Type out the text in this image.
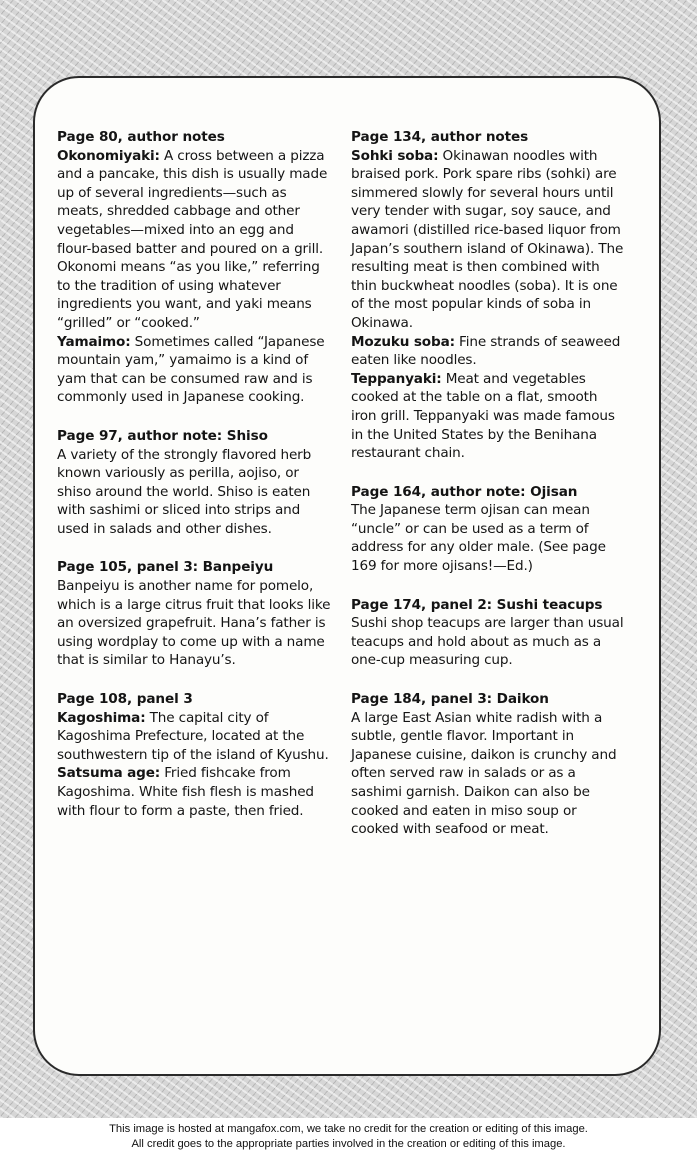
Page 80, author notes
Okonomiyaki: A cross between a pizza and a pancake, this dish is usually made up of several ingredients—such as meats, shredded cabbage and other vegetables—mixed into an egg and flour-based batter and poured on a grill. Okonomi means “as you like,” referring to the tradition of using whatever ingredients you want, and yaki means “grilled” or “cooked.”
Yamaimo: Sometimes called “Japanese mountain yam,” yamaimo is a kind of yam that can be consumed raw and is commonly used in Japanese cooking.
Page 97, author note: Shiso
A variety of the strongly flavored herb known variously as perilla, aojiso, or shiso around the world. Shiso is eaten with sashimi or sliced into strips and used in salads and other dishes.
Page 105, panel 3: Banpeiyu
Banpeiyu is another name for pomelo, which is a large citrus fruit that looks like an oversized grapefruit. Hana’s father is using wordplay to come up with a name that is similar to Hanayu’s.
Page 108, panel 3
Kagoshima: The capital city of Kagoshima Prefecture, located at the southwestern tip of the island of Kyushu.
Satsuma age: Fried fishcake from Kagoshima. White fish flesh is mashed with flour to form a paste, then fried.
Page 134, author notes
Sohki soba: Okinawan noodles with braised pork. Pork spare ribs (sohki) are simmered slowly for several hours until very tender with sugar, soy sauce, and awamori (distilled rice-based liquor from Japan’s southern island of Okinawa). The resulting meat is then combined with thin buckwheat noodles (soba). It is one of the most popular kinds of soba in Okinawa.
Mozuku soba: Fine strands of seaweed eaten like noodles.
Teppanyaki: Meat and vegetables cooked at the table on a flat, smooth iron grill. Teppanyaki was made famous in the United States by the Benihana restaurant chain.
Page 164, author note: Ojisan
The Japanese term ojisan can mean “uncle” or can be used as a term of address for any older male. (See page 169 for more ojisans!—Ed.)
Page 174, panel 2: Sushi teacups
Sushi shop teacups are larger than usual teacups and hold about as much as a one-cup measuring cup.
Page 184, panel 3: Daikon
A large East Asian white radish with a subtle, gentle flavor. Important in Japanese cuisine, daikon is crunchy and often served raw in salads or as a sashimi garnish. Daikon can also be cooked and eaten in miso soup or cooked with seafood or meat.
This image is hosted at mangafox.com, we take no credit for the creation or editing of this image.
All credit goes to the appropriate parties involved in the creation or editing of this image.
